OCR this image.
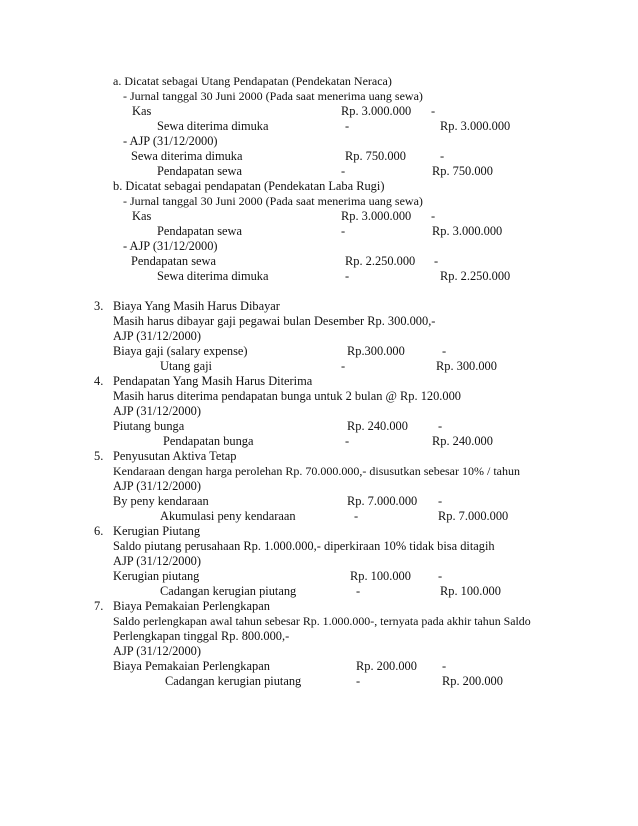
a. Dicatat sebagai Utang Pendapatan (Pendekatan Neraca)
- Jurnal tanggal 30 Juni 2000 (Pada saat menerima uang sewa)
Kas	Rp. 3.000.000 -
Sewa diterima dimuka	-	Rp. 3.000.000
- AJP (31/12/2000)
Sewa diterima dimuka	Rp. 750.000	-
Pendapatan sewa	-	Rp. 750.000
b. Dicatat sebagai pendapatan (Pendekatan Laba Rugi)
- Jurnal tanggal 30 Juni 2000 (Pada saat menerima uang sewa)
Kas	Rp. 3.000.000 -
Pendapatan sewa	-	Rp. 3.000.000
- AJP (31/12/2000)
Pendapatan sewa	Rp. 2.250.000 -
Sewa diterima dimuka	-	Rp. 2.250.000
3. Biaya Yang Masih Harus Dibayar
Masih harus dibayar gaji pegawai bulan Desember Rp. 300.000,-
AJP (31/12/2000)
Biaya gaji (salary expense)	Rp.300.000	-
Utang gaji	-	Rp. 300.000
4. Pendapatan Yang Masih Harus Diterima
Masih harus diterima pendapatan bunga untuk 2 bulan @ Rp. 120.000
AJP (31/12/2000)
Piutang bunga	Rp. 240.000 -
Pendapatan bunga	-	Rp. 240.000
5. Penyusutan Aktiva Tetap
Kendaraan dengan harga perolehan Rp. 70.000.000,- disusutkan sebesar 10% / tahun
AJP (31/12/2000)
By peny kendaraan	Rp. 7.000.000 -
Akumulasi peny kendaraan	-	Rp. 7.000.000
6. Kerugian Piutang
Saldo piutang perusahaan Rp. 1.000.000,- diperkiraan 10% tidak bisa ditagih
AJP (31/12/2000)
Kerugian piutang	Rp. 100.000 -
Cadangan kerugian piutang	-	Rp. 100.000
7. Biaya Pemakaian Perlengkapan
Saldo perlengkapan awal tahun sebesar Rp. 1.000.000-, ternyata pada akhir tahun Saldo
Perlengkapan tinggal Rp. 800.000,-
AJP (31/12/2000)
Biaya Pemakaian Perlengkapan	Rp. 200.000 -
Cadangan kerugian piutang	-	Rp. 200.000
